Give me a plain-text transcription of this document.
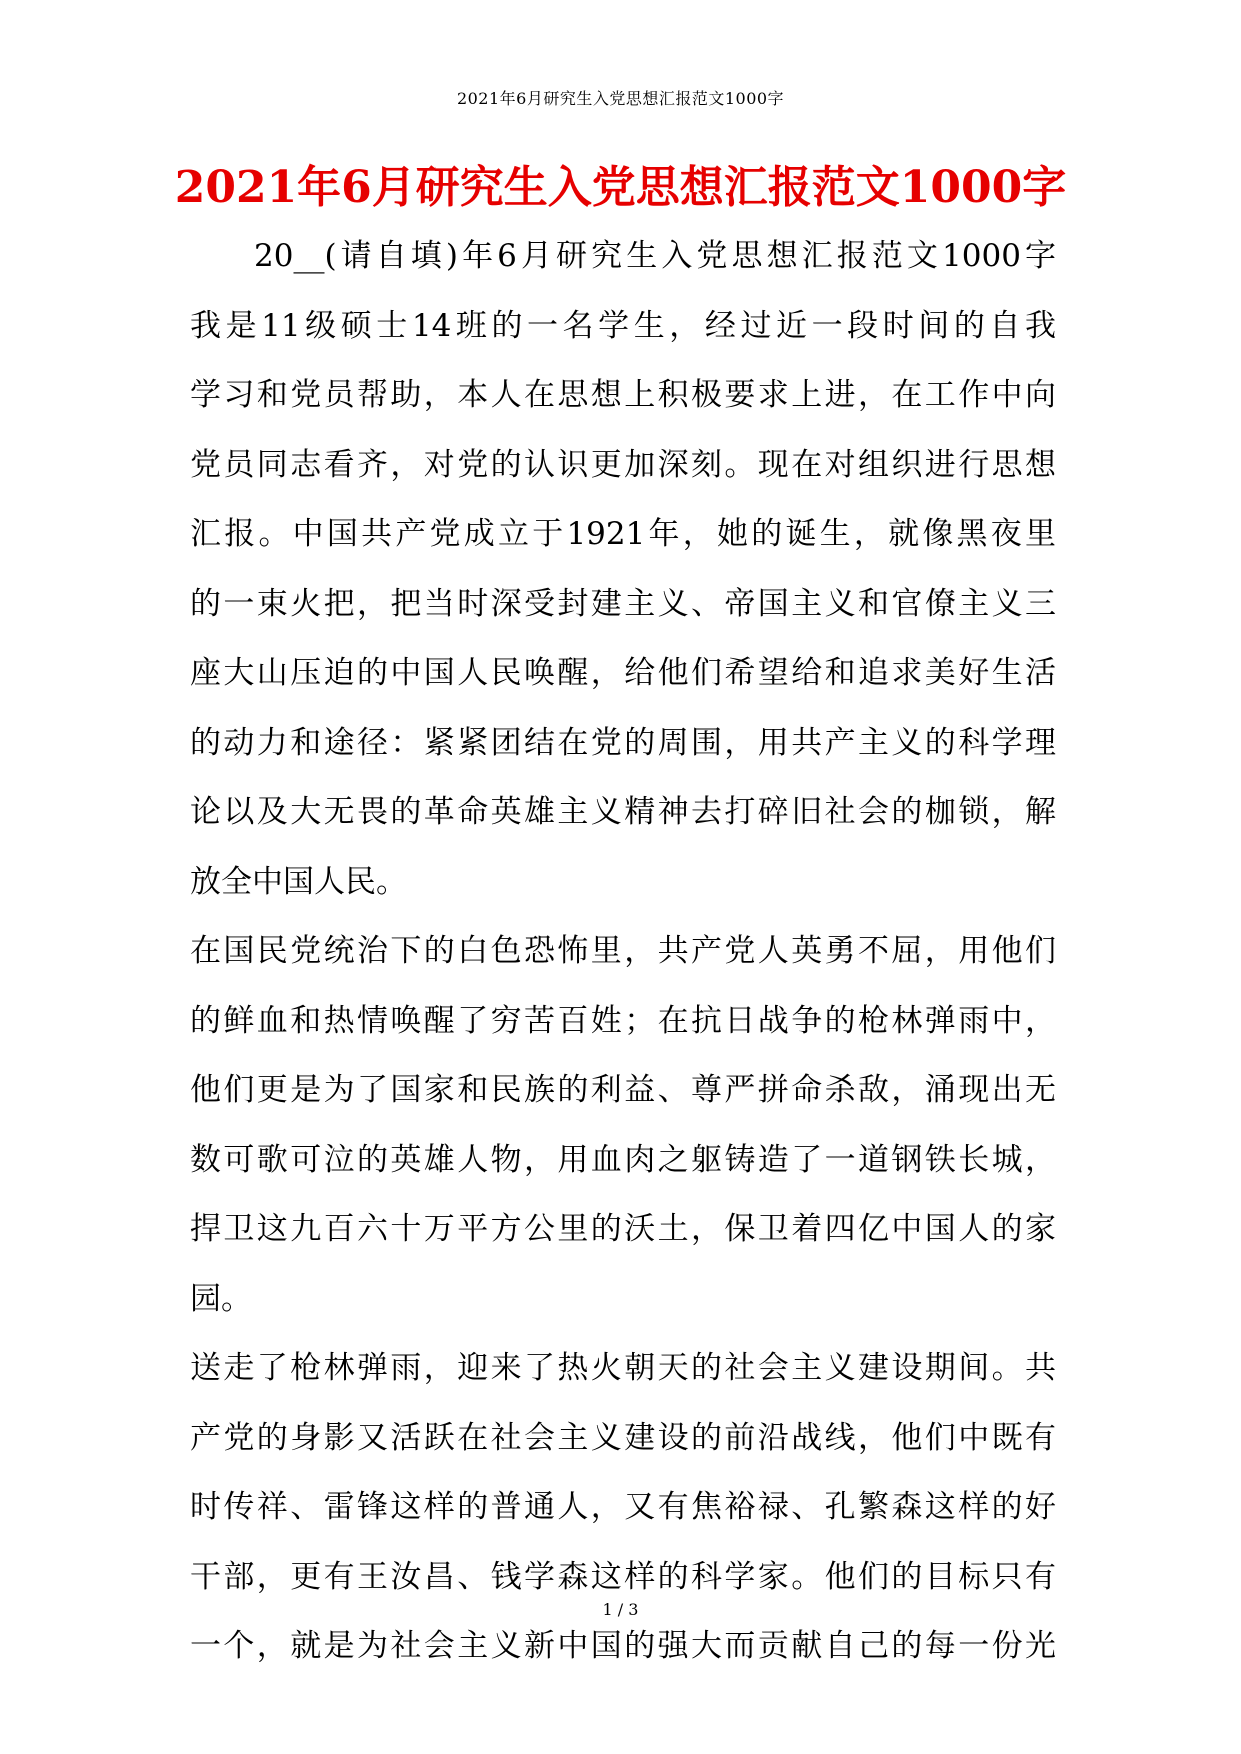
2021年6月研究生入党思想汇报范文1000字
2021年6月研究生入党思想汇报范文1000字
20__(请自填)年6月研究生入党思想汇报范文1000字
我是11级硕士14班的一名学生，经过近一段时间的自我
学习和党员帮助，本人在思想上积极要求上进，在工作中向
党员同志看齐，对党的认识更加深刻。现在对组织进行思想
汇报。中国共产党成立于1921年，她的诞生，就像黑夜里
的一束火把，把当时深受封建主义、帝国主义和官僚主义三
座大山压迫的中国人民唤醒，给他们希望给和追求美好生活
的动力和途径：紧紧团结在党的周围，用共产主义的科学理
论以及大无畏的革命英雄主义精神去打碎旧社会的枷锁，解
放全中国人民。
在国民党统治下的白色恐怖里，共产党人英勇不屈，用他们
的鲜血和热情唤醒了穷苦百姓；在抗日战争的枪林弹雨中，
他们更是为了国家和民族的利益、尊严拼命杀敌，涌现出无
数可歌可泣的英雄人物，用血肉之躯铸造了一道钢铁长城，
捍卫这九百六十万平方公里的沃土，保卫着四亿中国人的家
园。
送走了枪林弹雨，迎来了热火朝天的社会主义建设期间。共
产党的身影又活跃在社会主义建设的前沿战线，他们中既有
时传祥、雷锋这样的普通人，又有焦裕禄、孔繁森这样的好
干部，更有王汝昌、钱学森这样的科学家。他们的目标只有
一个，就是为社会主义新中国的强大而贡献自己的每一份光
1 / 3
